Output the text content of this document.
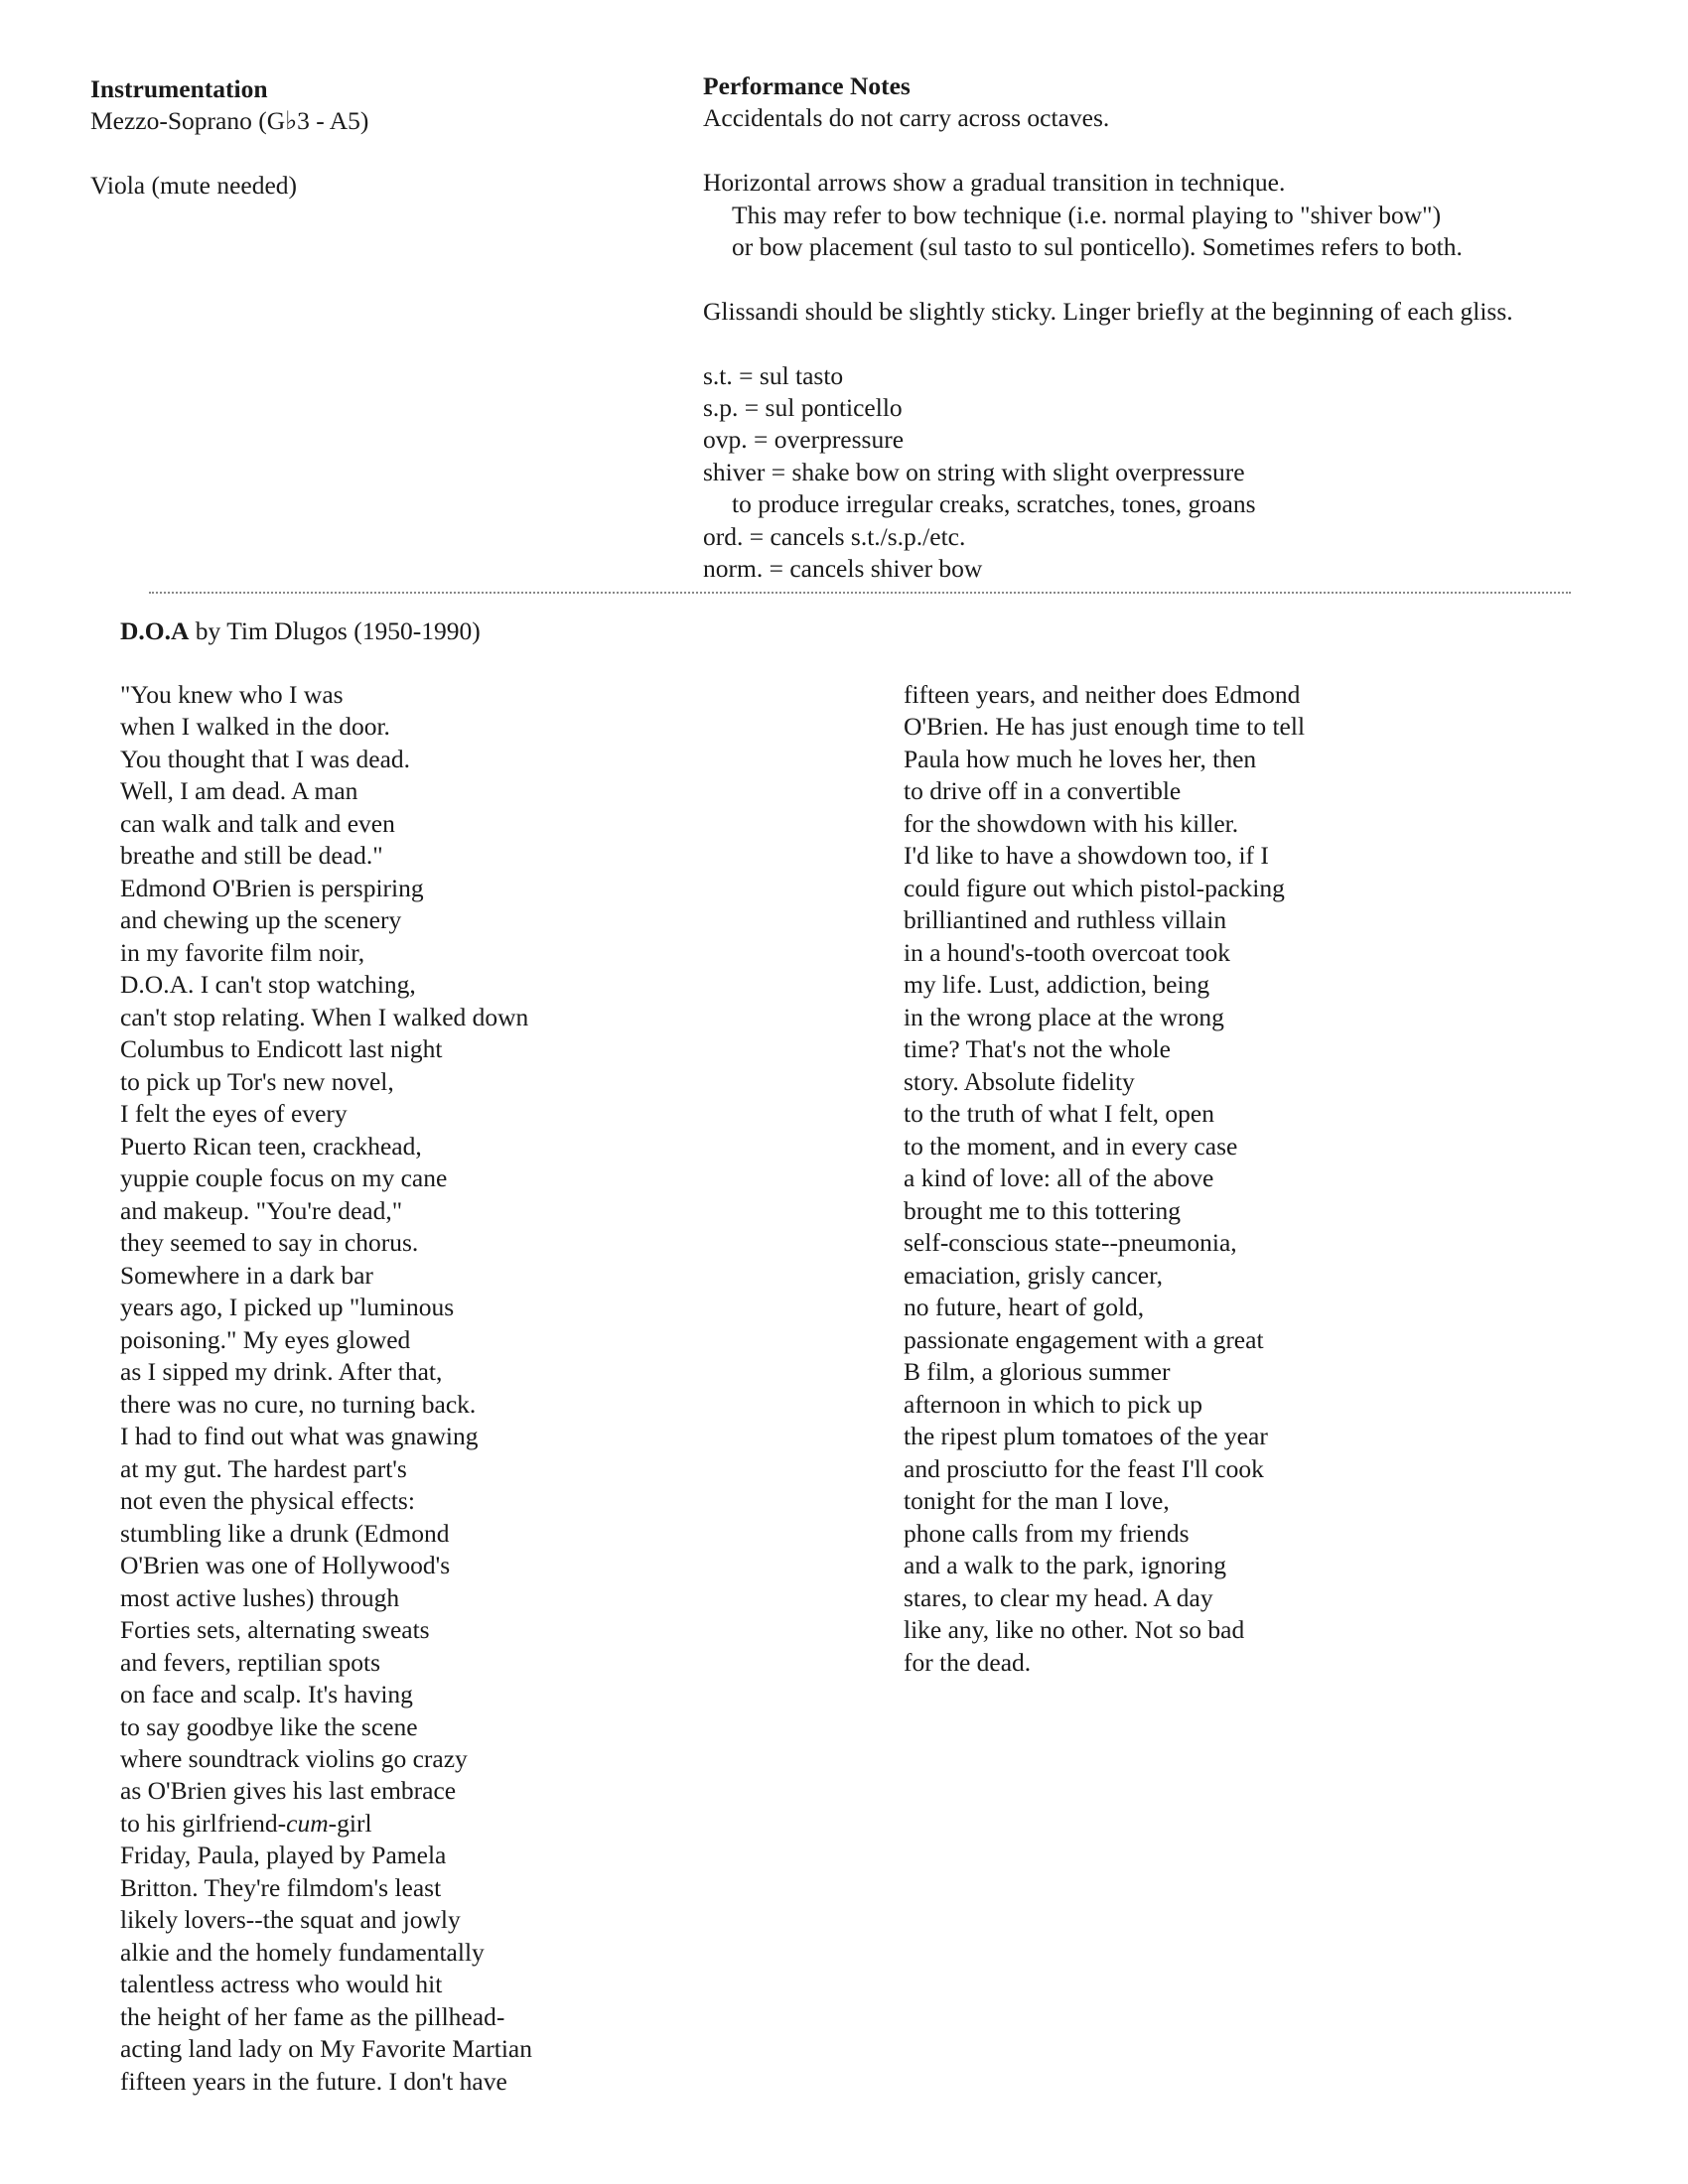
Instrumentation
Mezzo-Soprano (G♭3 - A5)
Viola (mute needed)
Performance Notes
Accidentals do not carry across octaves.
Horizontal arrows show a gradual transition in technique.
This may refer to bow technique (i.e. normal playing to "shiver bow")
or bow placement (sul tasto to sul ponticello). Sometimes refers to both.
Glissandi should be slightly sticky. Linger briefly at the beginning of each gliss.
s.t. = sul tasto
s.p. = sul ponticello
ovp. = overpressure
shiver = shake bow on string with slight overpressure
to produce irregular creaks, scratches, tones, groans
ord. = cancels s.t./s.p./etc.
norm. = cancels shiver bow
D.O.A by Tim Dlugos (1950-1990)
"You knew who I was
when I walked in the door.
You thought that I was dead.
Well, I am dead. A man
can walk and talk and even
breathe and still be dead."
Edmond O'Brien is perspiring
and chewing up the scenery
in my favorite film noir,
D.O.A. I can't stop watching,
can't stop relating. When I walked down
Columbus to Endicott last night
to pick up Tor's new novel,
I felt the eyes of every
Puerto Rican teen, crackhead,
yuppie couple focus on my cane
and makeup. "You're dead,"
they seemed to say in chorus.
Somewhere in a dark bar
years ago, I picked up "luminous
poisoning." My eyes glowed
as I sipped my drink. After that,
there was no cure, no turning back.
I had to find out what was gnawing
at my gut. The hardest part's
not even the physical effects:
stumbling like a drunk (Edmond
O'Brien was one of Hollywood's
most active lushes) through
Forties sets, alternating sweats
and fevers, reptilian spots
on face and scalp. It's having
to say goodbye like the scene
where soundtrack violins go crazy
as O'Brien gives his last embrace
to his girlfriend-cum-girl
Friday, Paula, played by Pamela
Britton. They're filmdom's least
likely lovers--the squat and jowly
alkie and the homely fundamentally
talentless actress who would hit
the height of her fame as the pillhead-
acting land lady on My Favorite Martian
fifteen years in the future. I don't have
fifteen years, and neither does Edmond
O'Brien. He has just enough time to tell
Paula how much he loves her, then
to drive off in a convertible
for the showdown with his killer.
I'd like to have a showdown too, if I
could figure out which pistol-packing
brilliantined and ruthless villain
in a hound's-tooth overcoat took
my life. Lust, addiction, being
in the wrong place at the wrong
time? That's not the whole
story. Absolute fidelity
to the truth of what I felt, open
to the moment, and in every case
a kind of love: all of the above
brought me to this tottering
self-conscious state--pneumonia,
emaciation, grisly cancer,
no future, heart of gold,
passionate engagement with a great
B film, a glorious summer
afternoon in which to pick up
the ripest plum tomatoes of the year
and prosciutto for the feast I'll cook
tonight for the man I love,
phone calls from my friends
and a walk to the park, ignoring
stares, to clear my head. A day
like any, like no other. Not so bad
for the dead.
